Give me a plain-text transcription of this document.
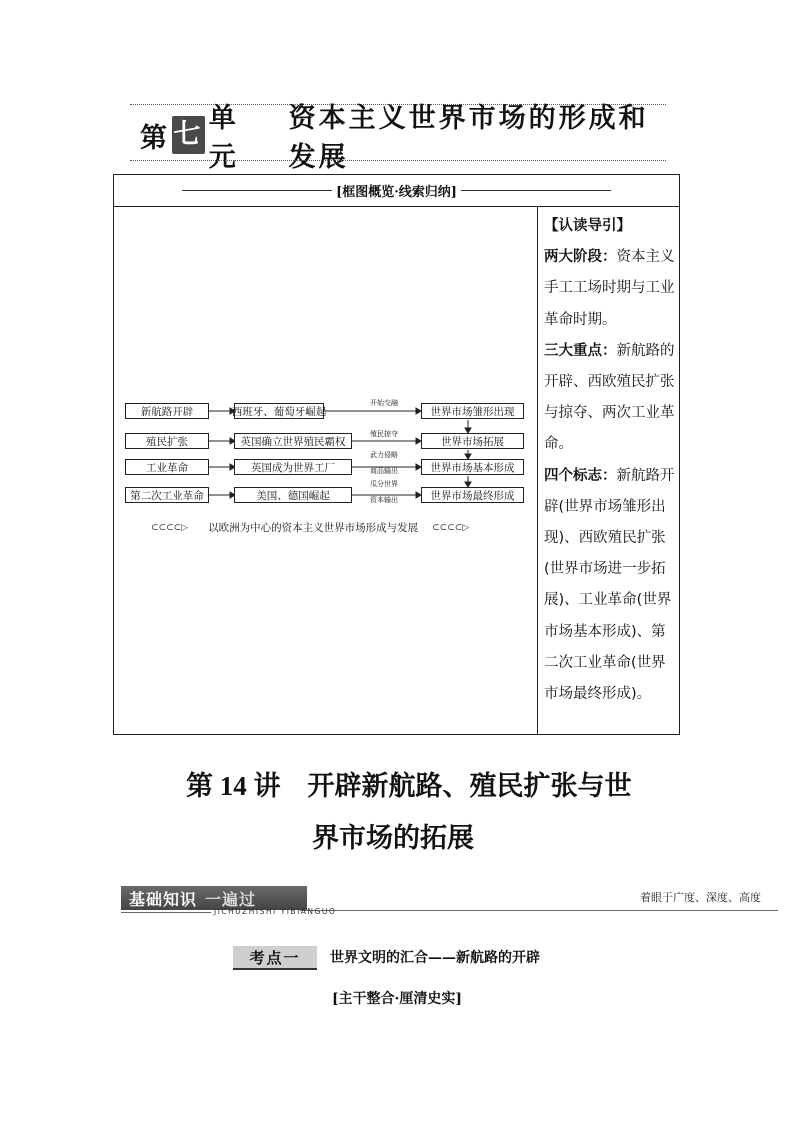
第 七
单元
资本主义世界市场的形成和发展
[框图概览·线索归纳]
新航路开辟	西班牙、葡萄牙崛起
开始交融
世界市场雏形出现
殖民扩张	英国确立世界殖民霸权
殖民掠夺
世界市场拓展
工业革命	英国成为世界工厂
武力侵略
商品输出	世界市场基本形成
第二次工业革命	美国、德国崛起
瓜分世界
资本输出	世界市场最终形成
⊂⊂⊂⊂▷ 以欧洲为中心的资本主义世界市场形成与发展 ⊂⊂⊂⊂▷

【认读导引】

两大阶段：资本主义手工工场时期与工业革命时期。

三大重点：新航路的开辟、西欧殖民扩张与掠夺、两次工业革命。

四个标志：新航路开辟(世界市场雏形出现)、西欧殖民扩张(世界市场进一步拓展)、工业革命(世界市场基本形成)、第二次工业革命(世界市场最终形成)。

第 14 讲　开辟新航路、殖民扩张与世
界市场的拓展
基础知识 一遍过
JICHUZHISHI YIBIANGUO
着眼于广度、深度、高度
考点一	世界文明的汇合——新航路的开辟
[主干整合·厘清史实]
